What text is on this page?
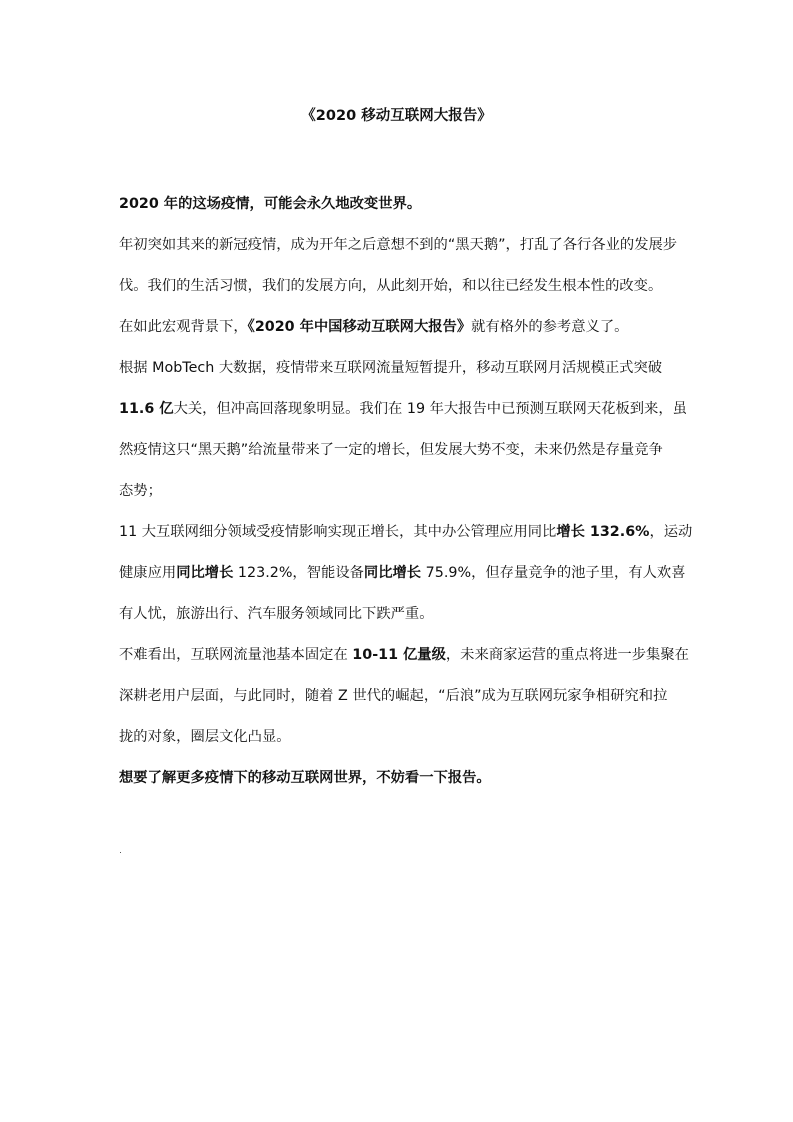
《2020 移动互联网大报告》
2020 年的这场疫情，可能会永久地改变世界。
年初突如其来的新冠疫情，成为开年之后意想不到的“黑天鹅”，打乱了各行各业的发展步
伐。我们的生活习惯，我们的发展方向，从此刻开始，和以往已经发生根本性的改变。
在如此宏观背景下，《2020 年中国移动互联网大报告》就有格外的参考意义了。
根据 MobTech 大数据，疫情带来互联网流量短暂提升，移动互联网月活规模正式突破
11.6 亿大关，但冲高回落现象明显。我们在 19 年大报告中已预测互联网天花板到来，虽
然疫情这只“黑天鹅”给流量带来了一定的增长，但发展大势不变，未来仍然是存量竞争
态势；
11 大互联网细分领域受疫情影响实现正增长，其中办公管理应用同比增长 132.6%，运动
健康应用同比增长 123.2%，智能设备同比增长 75.9%，但存量竞争的池子里，有人欢喜
有人忧，旅游出行、汽车服务领域同比下跌严重。
不难看出，互联网流量池基本固定在 10-11 亿量级，未来商家运营的重点将进一步集聚在
深耕老用户层面，与此同时，随着 Z 世代的崛起，“后浪”成为互联网玩家争相研究和拉
拢的对象，圈层文化凸显。
想要了解更多疫情下的移动互联网世界，不妨看一下报告。
